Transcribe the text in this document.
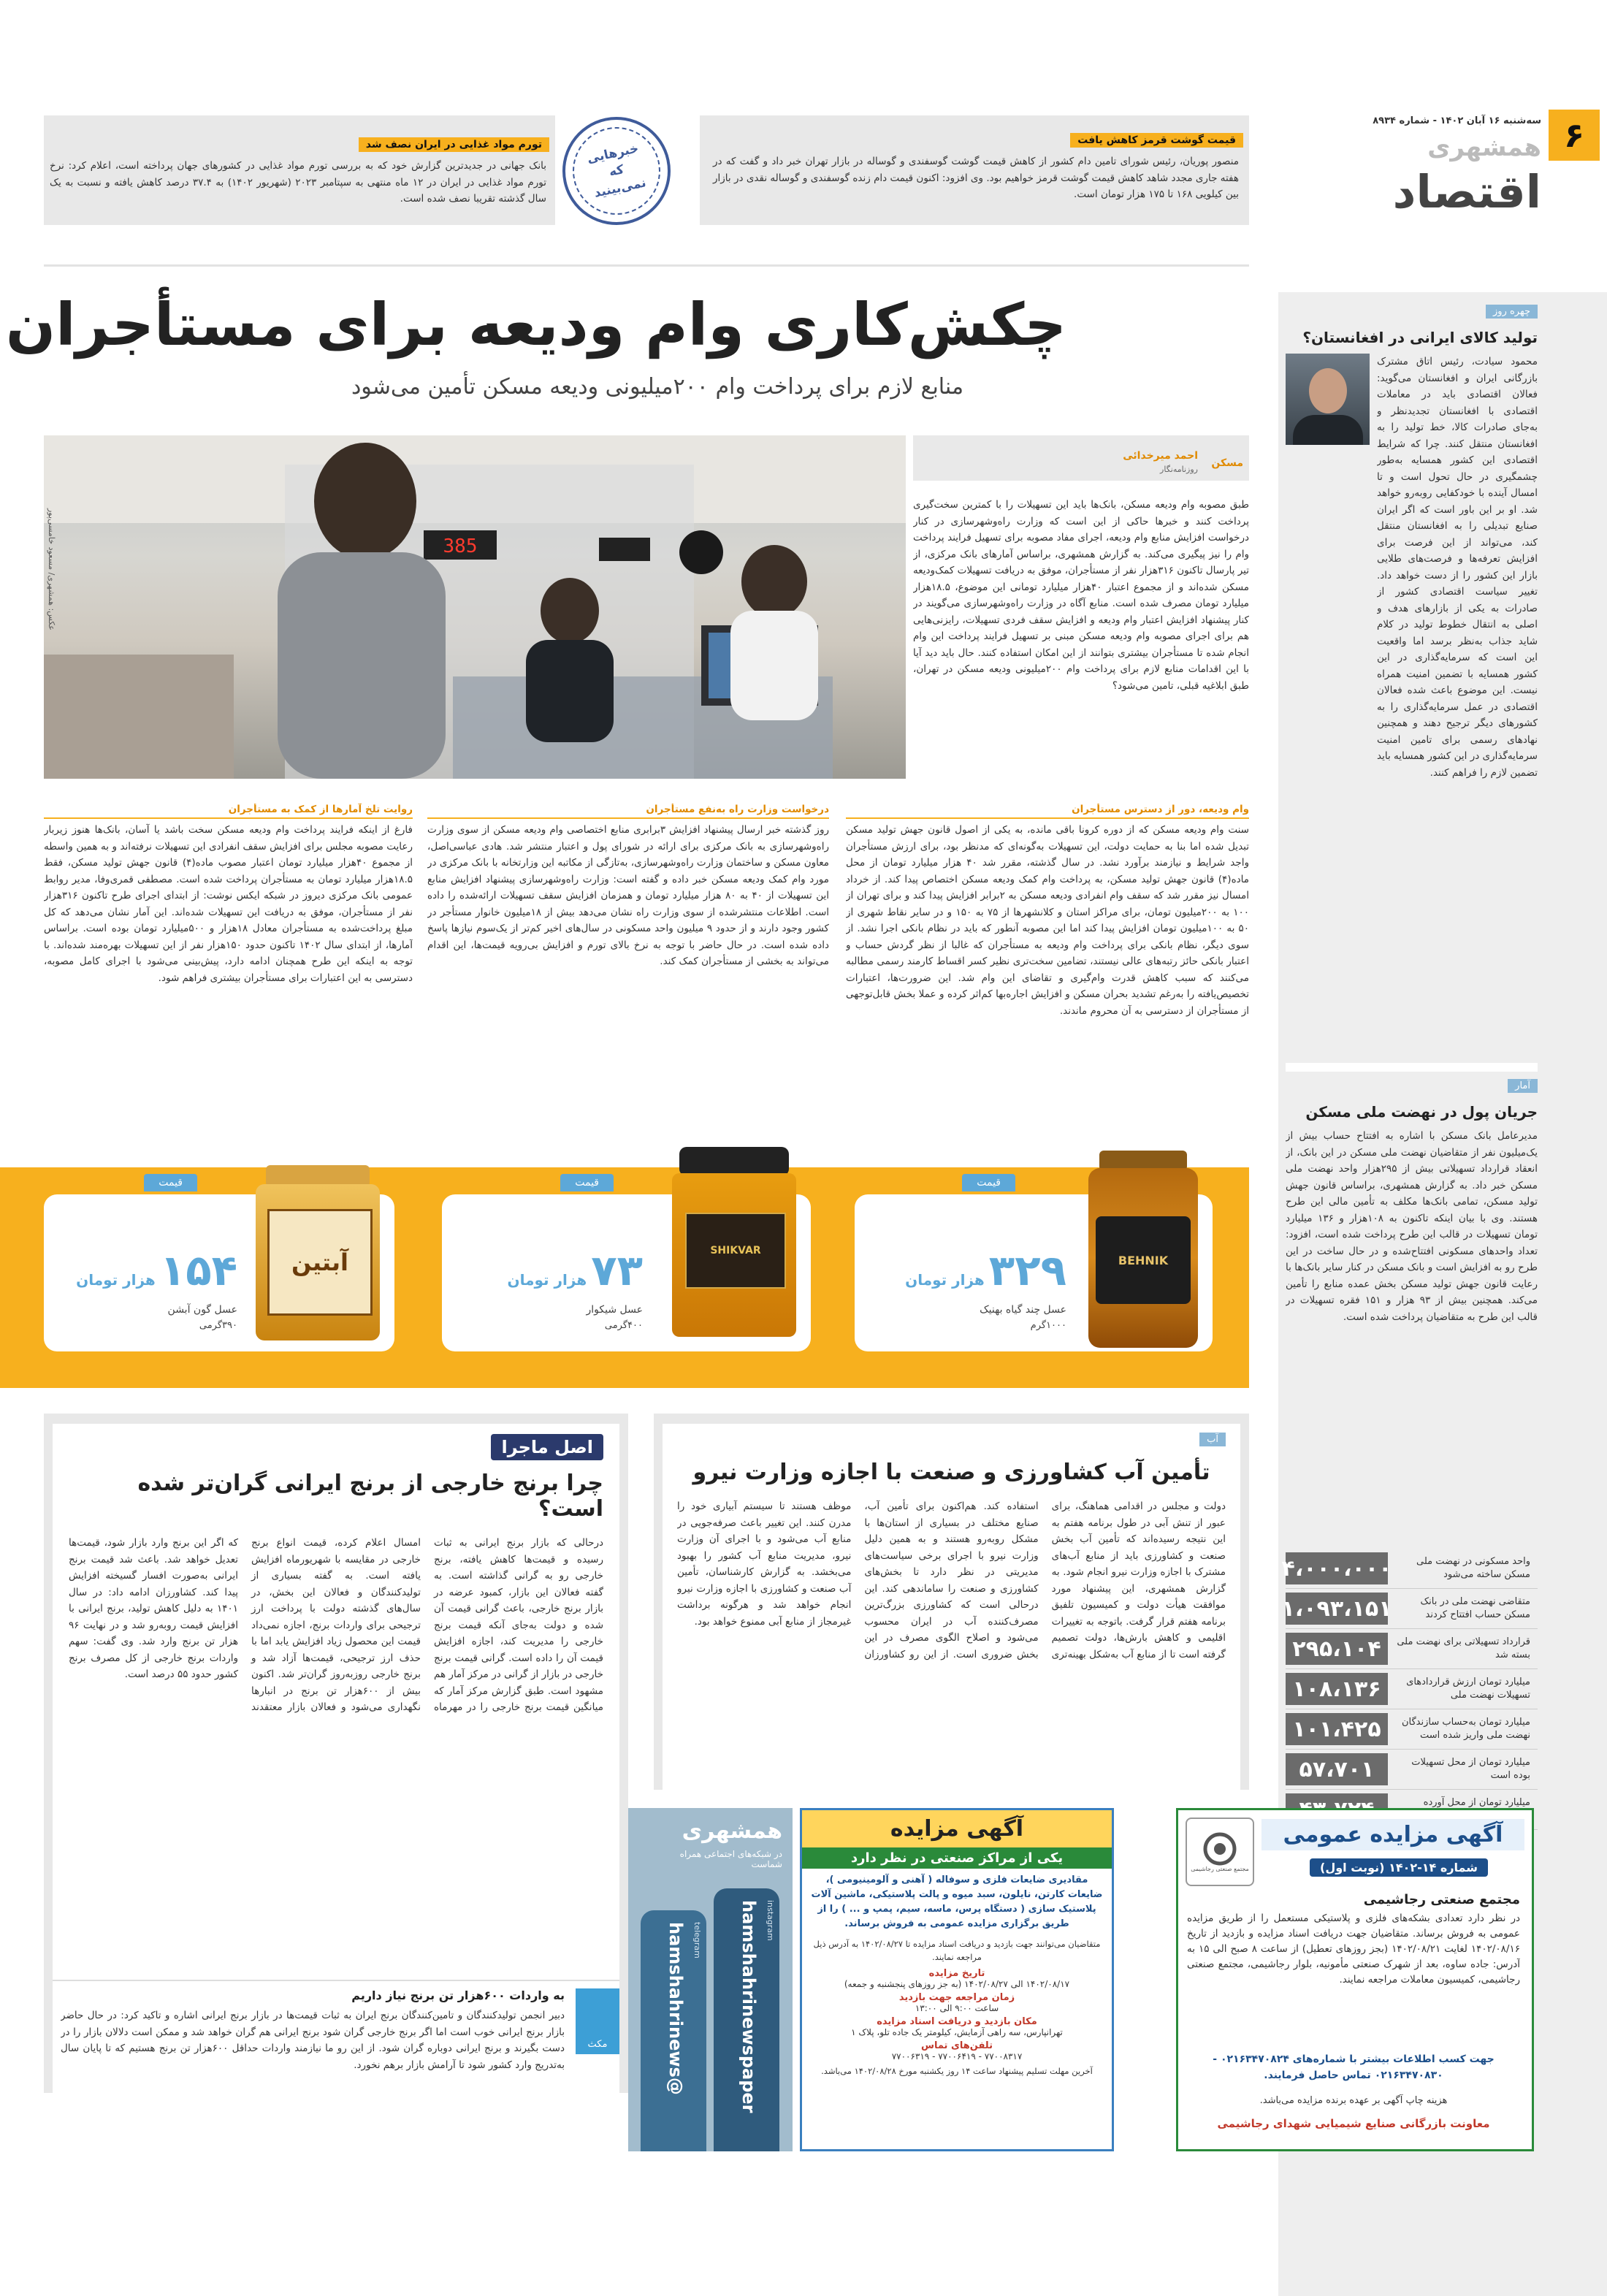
۶
سه‌شنبه ۱۶ آبان ۱۴۰۲ - شماره ۸۹۳۴
همشهری
اقتصاد
قیمت گوشت قرمز کاهش یافت

منصور پوریان، رئیس شورای تامین دام کشور از کاهش قیمت گوشت گوسفندی و گوساله در بازار تهران خبر داد و گفت که در هفته جاری مجدد شاهد کاهش قیمت گوشت قرمز خواهیم بود. وی افزود: اکنون قیمت دام زنده گوسفندی و گوساله نقدی در بازار بین کیلویی ۱۶۸ تا ۱۷۵ هزار تومان است.

خبرهایی که نمی‌بینید
تورم مواد غذایی در ایران نصف شد

بانک جهانی در جدیدترین گزارش خود که به بررسی تورم مواد غذایی در کشورهای جهان پرداخته است، اعلام کرد: نرخ تورم مواد غذایی در ایران در ۱۲ ماه منتهی به سپتامبر ۲۰۲۳ (شهریور ۱۴۰۲) به ۳۷.۴ درصد کاهش یافته و نسبت به یک سال گذشته تقریبا نصف شده است.

چکش‌کاری وام ودیعه برای مستأجران
منابع لازم برای پرداخت وام ۲۰۰میلیونی ودیعه مسکن تأمین می‌شود
385
عکس: همشهری/ مسعود خامسی‌پور
مسکن
احمد میرخدائی
روزنامه‌نگار

طبق مصوبه وام ودیعه مسکن، بانک‌ها باید این تسهیلات را با کمترین سخت‌گیری پرداخت کنند و خبرها حاکی از این است که وزارت راه‌وشهرسازی در کنار درخواست افزایش منابع وام ودیعه، اجرای مفاد مصوبه برای تسهیل فرایند پرداخت وام را نیز پیگیری می‌کند. به گزارش همشهری، براساس آمارهای بانک مرکزی، از تیر پارسال تاکنون ۳۱۶هزار نفر از مستأجران، موفق به دریافت تسهیلات کمک‌ودیعه مسکن شده‌اند و از مجموع اعتبار ۴۰هزار میلیارد تومانی این موضوع، ۱۸.۵هزار میلیارد تومان مصرف شده است. منابع آگاه در وزارت راه‌وشهرسازی می‌گویند در کنار پیشنهاد افزایش اعتبار وام ودیعه و افزایش سقف فردی تسهیلات، رایزنی‌هایی هم برای اجرای مصوبه وام ودیعه مسکن مبنی بر تسهیل فرایند پرداخت این وام انجام شده تا مستأجران بیشتری بتوانند از این امکان استفاده کنند. حال باید دید آیا با این اقدامات منابع لازم برای پرداخت وام ۲۰۰میلیونی ودیعه مسکن در تهران، طبق ابلاغیه قبلی، تامین می‌شود؟

وام ودیعه، دور از دسترس مستأجران

سنت وام ودیعه مسکن که از دوره کرونا باقی مانده، به یکی از اصول قانون جهش تولید مسکن تبدیل شده اما بنا به حمایت دولت، این تسهیلات به‌گونه‌ای که مدنظر بود، برای ارزش مستأجران واجد شرایط و نیازمند برآورد نشد. در سال گذشته، مقرر شد ۴۰ هزار میلیارد تومان از محل ماده(۴) قانون جهش تولید مسکن، به پرداخت وام کمک ودیعه مسکن اختصاص پیدا کند. از خرداد امسال نیز مقرر شد که سقف وام انفرادی ودیعه مسکن به ۲برابر افزایش پیدا کند و برای تهران از ۱۰۰ به ۲۰۰میلیون تومان، برای مراکز استان و کلانشهرها از ۷۵ به ۱۵۰ و در سایر نقاط شهری از ۵۰ به ۱۰۰میلیون تومان افزایش پیدا کند اما این مصوبه آنطور که باید در نظام بانکی اجرا نشد. از سوی دیگر، نظام بانکی برای پرداخت وام ودیعه به مستأجران که غالبا از نظر گردش حساب و اعتبار بانکی حائز رتبه‌های عالی نیستند، تضامین سخت‌تری نظیر کسر اقساط کارمند رسمی مطالبه می‌کنند که سبب کاهش قدرت وام‌گیری و تقاضای این وام شد. این ضرورت‌ها، اعتبارات تخصیص‌یافته را به‌رغم تشدید بحران مسکن و افزایش اجاره‌بها کم‌اثر کرده و عملا بخش قابل‌توجهی از مستأجران از دسترسی به آن محروم ماندند.

درخواست وزارت راه به‌نفع مستأجران

روز گذشته خبر ارسال پیشنهاد افزایش ۳برابری منابع اختصاصی وام ودیعه مسکن از سوی وزارت راه‌وشهرسازی به بانک مرکزی برای ارائه در شورای پول و اعتبار منتشر شد. هادی عباسی‌اصل، معاون مسکن و ساختمان وزارت راه‌وشهرسازی، به‌تازگی از مکاتبه این وزارتخانه با بانک مرکزی در مورد وام کمک ودیعه مسکن خبر داده و گفته است: وزارت راه‌وشهرسازی پیشنهاد افزایش منابع این تسهیلات از ۴۰ به ۸۰ هزار میلیارد تومان و همزمان افزایش سقف تسهیلات ارائه‌شده را داده است. اطلاعات منتشرشده از سوی وزارت راه نشان می‌دهد بیش از ۱۸میلیون خانوار مستأجر در کشور وجود دارند و از حدود ۹ میلیون واحد مسکونی در سال‌های اخیر کم‌تر از یک‌سوم نیازها پاسخ داده شده است. در حال حاضر با توجه به نرخ بالای تورم و افزایش بی‌رویه قیمت‌ها، این اقدام می‌تواند به بخشی از مستأجران کمک کند.

روایت تلخ آمارها از کمک به مستأجران

فارغ از اینکه فرایند پرداخت وام ودیعه مسکن سخت باشد یا آسان، بانک‌ها هنوز زیربار رعایت مصوبه مجلس برای افزایش سقف انفرادی این تسهیلات نرفته‌اند و به همین واسطه از مجموع ۴۰هزار میلیارد تومان اعتبار مصوب ماده(۴) قانون جهش تولید مسکن، فقط ۱۸.۵هزار میلیارد تومان به مستأجران پرداخت شده است. مصطفی قمری‌وفا، مدیر روابط عمومی بانک مرکزی دیروز در شبکه ایکس نوشت: از ابتدای اجرای طرح تاکنون ۳۱۶هزار نفر از مستأجران، موفق به دریافت این تسهیلات شده‌اند. این آمار نشان می‌دهد که کل مبلغ پرداخت‌شده به مستأجران معادل ۱۸هزار و ۵۰۰میلیارد تومان بوده است. براساس آمارها، از ابتدای سال ۱۴۰۲ تاکنون حدود ۱۵۰هزار نفر از این تسهیلات بهره‌مند شده‌اند. با توجه به اینکه این طرح همچنان ادامه دارد، پیش‌بینی می‌شود با اجرای کامل مصوبه، دسترسی به این اعتبارات برای مستأجران بیشتری فراهم شود.

قیمت
BEHNIK
۳۲۹
هزار تومان
عسل چند گیاه بهنیک
۱۰۰۰گرم
قیمت
SHIKVAR
۷۳
هزار تومان
عسل شیکوار
۴۰۰گرمی
قیمت
آبتین
۱۵۴
هزار تومان
عسل گون آبشن
۳۹۰گرمی
چهره روز
تولید کالای ایرانی در افغانستان؟

محمود سیادت، رئیس اتاق مشترک بازرگانی ایران و افغانستان می‌گوید: فعالان اقتصادی باید در معاملات اقتصادی با افغانستان تجدیدنظر و به‌جای صادرات کالا، خط تولید را به افغانستان منتقل کنند. چرا که شرایط اقتصادی این کشور همسایه به‌طور چشمگیری در حال تحول است و تا امسال آینده با خودکفایی روبه‌رو خواهد شد. او بر این باور است که اگر ایران صنایع تبدیلی را به افغانستان منتقل کند، می‌تواند از این فرصت برای افزایش تعرفه‌ها و فرصت‌های طلایی بازار این کشور را از دست خواهد داد. تغییر سیاست اقتصادی کشور از صادرات به یکی از بازارهای هدف و اصلی به انتقال خطوط تولید در کلام شاید جذاب به‌نظر برسد اما واقعیت این است که سرمایه‌گذاری در این کشور همسایه با تضمین امنیت همراه نیست. این موضوع باعث شده فعالان اقتصادی در عمل سرمایه‌گذاری را به کشورهای دیگر ترجیح دهند و همچنین نهادهای رسمی برای تامین امنیت سرمایه‌گذاری در این کشور همسایه باید تضمین لازم را فراهم کنند.

آمار
جریان پول در نهضت ملی مسکن

مدیرعامل بانک مسکن با اشاره به افتتاح حساب بیش از یک‌میلیون نفر از متقاضیان نهضت ملی مسکن در این بانک، از انعقاد قرارداد تسهیلاتی بیش از ۲۹۵هزار واحد نهضت ملی مسکن خبر داد. به گزارش همشهری، براساس قانون جهش تولید مسکن، تمامی بانک‌ها مکلف به تأمین مالی این طرح هستند. وی با بیان اینکه تاکنون به ۱۰۸هزار و ۱۳۶ میلیارد تومان تسهیلات در قالب این طرح پرداخت شده است، افزود: تعداد واحدهای مسکونی افتتاح‌شده و در حال ساخت در این طرح رو به افزایش است و بانک مسکن در کنار سایر بانک‌ها با رعایت قانون جهش تولید مسکن بخش عمده منابع را تأمین می‌کند. همچنین بیش از ۹۳ هزار و ۱۵۱ فقره تسهیلات در قالب این طرح به متقاضیان پرداخت شده است.

واحد مسکونی در نهضت ملی مسکن ساخته می‌شود
۴،۰۰۰،۰۰۰
متقاضی نهضت ملی در بانک مسکن حساب افتتاح کردند
۱،۰۹۳،۱۵۱
قرارداد تسهیلاتی برای نهضت ملی بسته شد
۲۹۵،۱۰۴
میلیارد تومان ارزش قراردادهای تسهیلات نهضت ملی
۱۰۸،۱۳۶
میلیارد تومان به‌حساب سازندگان نهضت ملی واریز شده است
۱۰۱،۴۲۵
میلیارد تومان از محل تسهیلات بوده است
۵۷،۷۰۱
میلیارد تومان از محل آورده
آب
تأمین آب کشاورزی و صنعت با اجازه وزارت نیرو

دولت و مجلس در اقدامی هماهنگ، برای عبور از تنش آبی در طول برنامه هفتم به این نتیجه رسیده‌اند که تأمین آب بخش صنعت و کشاورزی باید از منابع آب‌های مشترک با اجازه وزارت نیرو انجام شود. به گزارش همشهری، این پیشنهاد مورد موافقت هیأت دولت و کمیسیون تلفیق برنامه هفتم قرار گرفت. باتوجه به تغییرات اقلیمی و کاهش بارش‌ها، دولت تصمیم گرفته است تا از منابع آب به‌شکل بهینه‌تری استفاده کند. هم‌اکنون برای تأمین آب، صنایع مختلف در بسیاری از استان‌ها با مشکل روبه‌رو هستند و به همین دلیل وزارت نیرو با اجرای برخی سیاست‌های مدیریتی در نظر دارد تا بخش‌های کشاورزی و صنعت را ساماندهی کند. این درحالی است که کشاورزی بزرگ‌ترین مصرف‌کننده آب در ایران محسوب می‌شود و اصلاح الگوی مصرف در این بخش ضروری است. از این رو کشاورزان موظف هستند تا سیستم آبیاری خود را مدرن کنند. این تغییر باعث صرفه‌جویی در منابع آب می‌شود و با اجرای آن وزارت نیرو، مدیریت منابع آب کشور را بهبود می‌بخشد. به گزارش کارشناسان، تأمین آب صنعت و کشاورزی با اجازه وزارت نیرو انجام خواهد شد و هرگونه برداشت غیرمجاز از منابع آبی ممنوع خواهد بود.

اصل ماجرا
چرا برنج خارجی از برنج ایرانی گران‌تر شده است؟

درحالی که بازار برنج ایرانی به ثبات رسیده و قیمت‌ها کاهش یافته، برنج خارجی رو به گرانی گذاشته است. به گفته فعالان این بازار، کمبود عرضه در بازار برنج خارجی، باعث گرانی قیمت آن شده و دولت به‌جای آنکه قیمت برنج خارجی را مدیریت کند، اجازه افزایش قیمت آن را داده است. گرانی قیمت برنج خارجی در بازار از گرانی در مرکز آمار هم مشهود است. طبق گزارش مرکز آمار که میانگین قیمت برنج خارجی را در مهرماه امسال اعلام کرده، قیمت انواع برنج خارجی در مقایسه با شهریورماه افزایش یافته است. به گفته بسیاری از تولیدکنندگان و فعالان این بخش، در سال‌های گذشته دولت با پرداخت ارز ترجیحی برای واردات برنج، اجازه نمی‌داد قیمت این محصول زیاد افزایش یابد اما با حذف ارز ترجیحی، قیمت‌ها آزاد شد و برنج خارجی روز‌به‌روز گران‌تر شد. اکنون بیش از ۶۰۰هزار تن برنج در انبارها نگهداری می‌شود و فعالان بازار معتقدند که اگر این برنج وارد بازار شود، قیمت‌ها تعدیل خواهد شد. باعث شد قیمت برنج ایرانی به‌صورت افسار گسیخته افزایش پیدا کند. کشاورزان ادامه داد: در سال ۱۴۰۱ به دلیل کاهش تولید، برنج ایرانی با افزایش قیمت روبه‌رو شد و در نهایت ۹۶ هزار تن برنج وارد شد. وی گفت: سهم واردات برنج خارجی از کل مصرف برنج کشور حدود ۵۵ درصد است.

مکث
به واردات ۶۰۰هزار تن برنج نیاز داریم

دبیر انجمن تولیدکنندگان و تامین‌کنندگان برنج ایران به ثبات قیمت‌ها در بازار برنج ایرانی اشاره و تاکید کرد: در حال حاضر بازار برنج ایرانی خوب است اما اگر برنج خارجی گران شود برنج ایرانی هم گران خواهد شد و ممکن است دلالان بازار را در دست بگیرند و برنج ایرانی دوباره گران شود. از این رو ما نیازمند واردات حداقل ۶۰۰هزار تن برنج هستیم که تا پایان سال به‌تدریج وارد کشور شود تا آرامش بازار برهم نخورد.

همشهری
در شبکه‌های اجتماعی همراه شماست
hamshahrinewspaper instagram
@hamshahrinews
telegram
آگهی مزایده
یکی از مراکز صنعتی در نظر دارد
مقادیری ضایعات فلزی و سوفاله ( آهنی و آلومینیومی )، ضایعات کارتن، نایلون، سبد میوه و پالت پلاستیکی، ماشین آلات پلاستیک سازی ( دستگاه پرس، ماسه، سیم، پمپ و ... ) را از طریق برگزاری مزایده عمومی به فروش برساند.
متقاضیان می‌توانند جهت بازدید و دریافت اسناد مزایده تا ۱۴۰۲/۰۸/۲۷ به آدرس ذیل مراجعه نمایند.
تاریخ مزایده
۱۴۰۲/۰۸/۱۷ الی ۱۴۰۲/۰۸/۲۷ (به جز روزهای پنجشنبه و جمعه)
زمان مراجعه جهت بازدید
ساعت ۹:۰۰ الی ۱۳:۰۰
مکان بازدید و دریافت اسناد مزایده
تهرانپارس، سه راهی آزمایش، کیلومتر یک جاده تلو، پلاک ۱
تلفن‌های تماس
۷۷۰۰۸۳۱۷ - ۷۷۰۰۶۴۱۹ - ۷۷۰۰۶۳۱۹
آخرین مهلت تسلیم پیشنهاد ساعت ۱۴ روز یکشنبه مورخ ۱۴۰۲/۰۸/۲۸ می‌باشد.
مجتمع صنعتی رجاشیمی
آگهی مزایده عمومی
شماره ۱۴-۱۴۰۲ (نوبت اول)
مجتمع صنعتی رجاشیمی

در نظر دارد تعدادی بشکه‌های فلزی و پلاستیکی مستعمل را از طریق مزایده عمومی به فروش برساند. متقاضیان جهت دریافت اسناد مزایده و بازدید از تاریخ ۱۴۰۲/۰۸/۱۶ لغایت ۱۴۰۲/۰۸/۲۱ (بجز روزهای تعطیل) از ساعت ۸ صبح الی ۱۵ به آدرس: جاده ساوه، بعد از شهرک صنعتی مأمونیه، بلوار رجاشیمی، مجتمع صنعتی رجاشیمی، کمیسیون معاملات مراجعه نمایند.

جهت کسب اطلاعات بیشتر با شماره‌های ۰۲۱۶۳۴۷۰۸۲۴ - ۰۲۱۶۳۴۷۰۸۳۰ تماس حاصل فرمایند.
هزینه چاپ آگهی بر عهده برنده مزایده می‌باشد.
معاونت بازرگانی صنایع شیمیایی شهدای رجاشیمی
